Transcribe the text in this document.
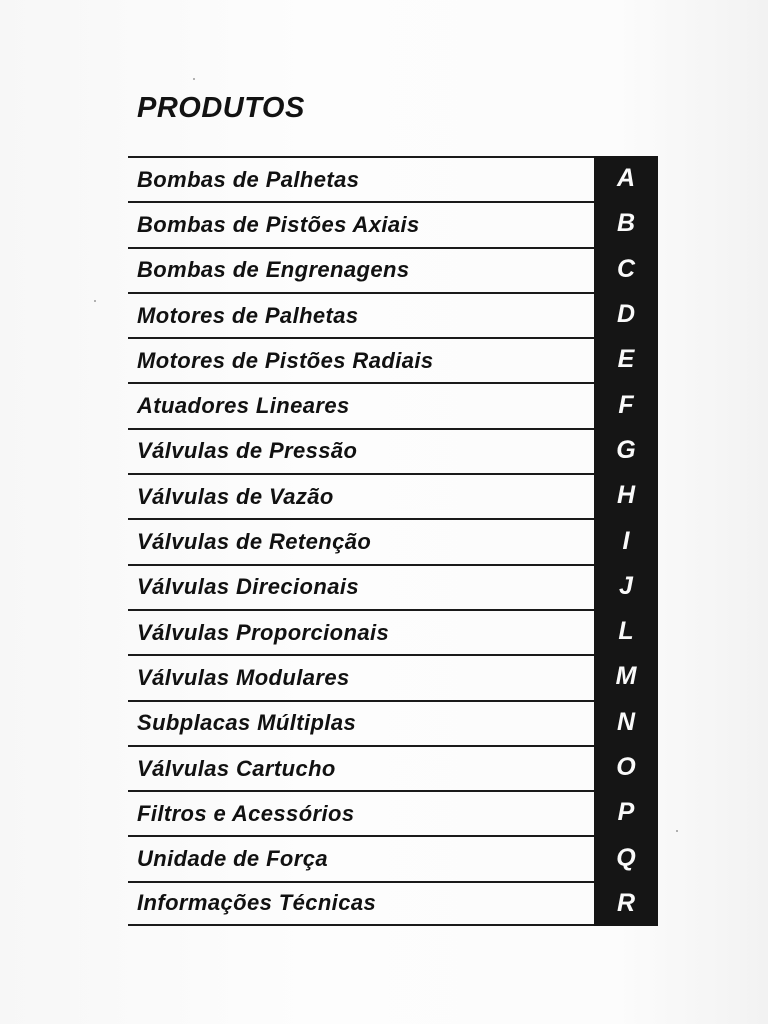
PRODUTOS
Bombas de Palhetas	A
Bombas de Pistões Axiais	B
Bombas de Engrenagens	C
Motores de Palhetas	D
Motores de Pistões Radiais	E
Atuadores Lineares	F
Válvulas de Pressão	G
Válvulas de Vazão	H
Válvulas de Retenção	I
Válvulas Direcionais	J
Válvulas Proporcionais	L
Válvulas Modulares	M
Subplacas Múltiplas	N
Válvulas Cartucho	O
Filtros e Acessórios	P
Unidade de Força	Q
Informações Técnicas	R
